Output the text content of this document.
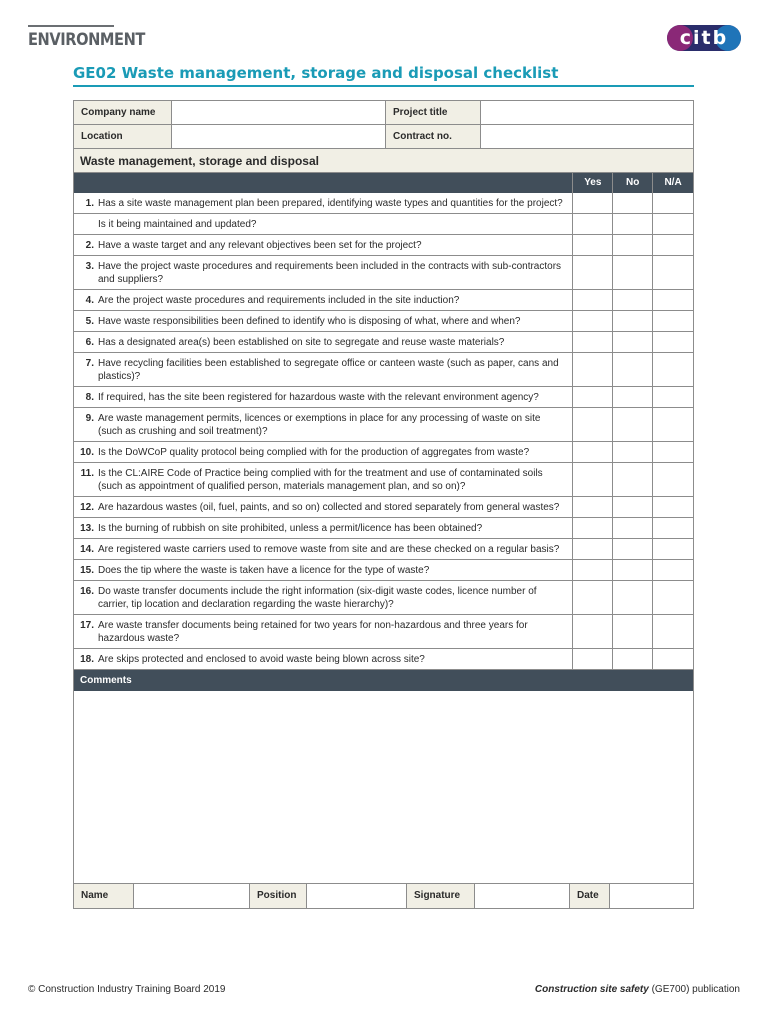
ENVIRONMENT	citb
GE02 Waste management, storage and disposal checklist
Company name	Project title
Location	Contract no.
Waste management, storage and disposal
Yes	No	N/A
1. Has a site waste management plan been prepared, identifying waste types and quantities for the project?
Is it being maintained and updated?
2. Have a waste target and any relevant objectives been set for the project?
3. Have the project waste procedures and requirements been included in the contracts with sub-contractors and suppliers?
4. Are the project waste procedures and requirements included in the site induction?
5. Have waste responsibilities been defined to identify who is disposing of what, where and when?
6. Has a designated area(s) been established on site to segregate and reuse waste materials?
7. Have recycling facilities been established to segregate office or canteen waste (such as paper, cans and plastics)?
8. If required, has the site been registered for hazardous waste with the relevant environment agency?
9. Are waste management permits, licences or exemptions in place for any processing of waste on site (such as crushing and soil treatment)?
10. Is the DoWCoP quality protocol being complied with for the production of aggregates from waste?
11. Is the CL:AIRE Code of Practice being complied with for the treatment and use of contaminated soils (such as appointment of qualified person, materials management plan, and so on)?
12. Are hazardous wastes (oil, fuel, paints, and so on) collected and stored separately from general wastes?
13. Is the burning of rubbish on site prohibited, unless a permit/licence has been obtained?
14. Are registered waste carriers used to remove waste from site and are these checked on a regular basis?
15. Does the tip where the waste is taken have a licence for the type of waste?
16. Do waste transfer documents include the right information (six-digit waste codes, licence number of carrier, tip location and declaration regarding the waste hierarchy)?
17. Are waste transfer documents being retained for two years for non-hazardous and three years for hazardous waste?
18. Are skips protected and enclosed to avoid waste being blown across site?
Comments
Name	Position	Signature	Date
© Construction Industry Training Board 2019	Construction site safety (GE700) publication
